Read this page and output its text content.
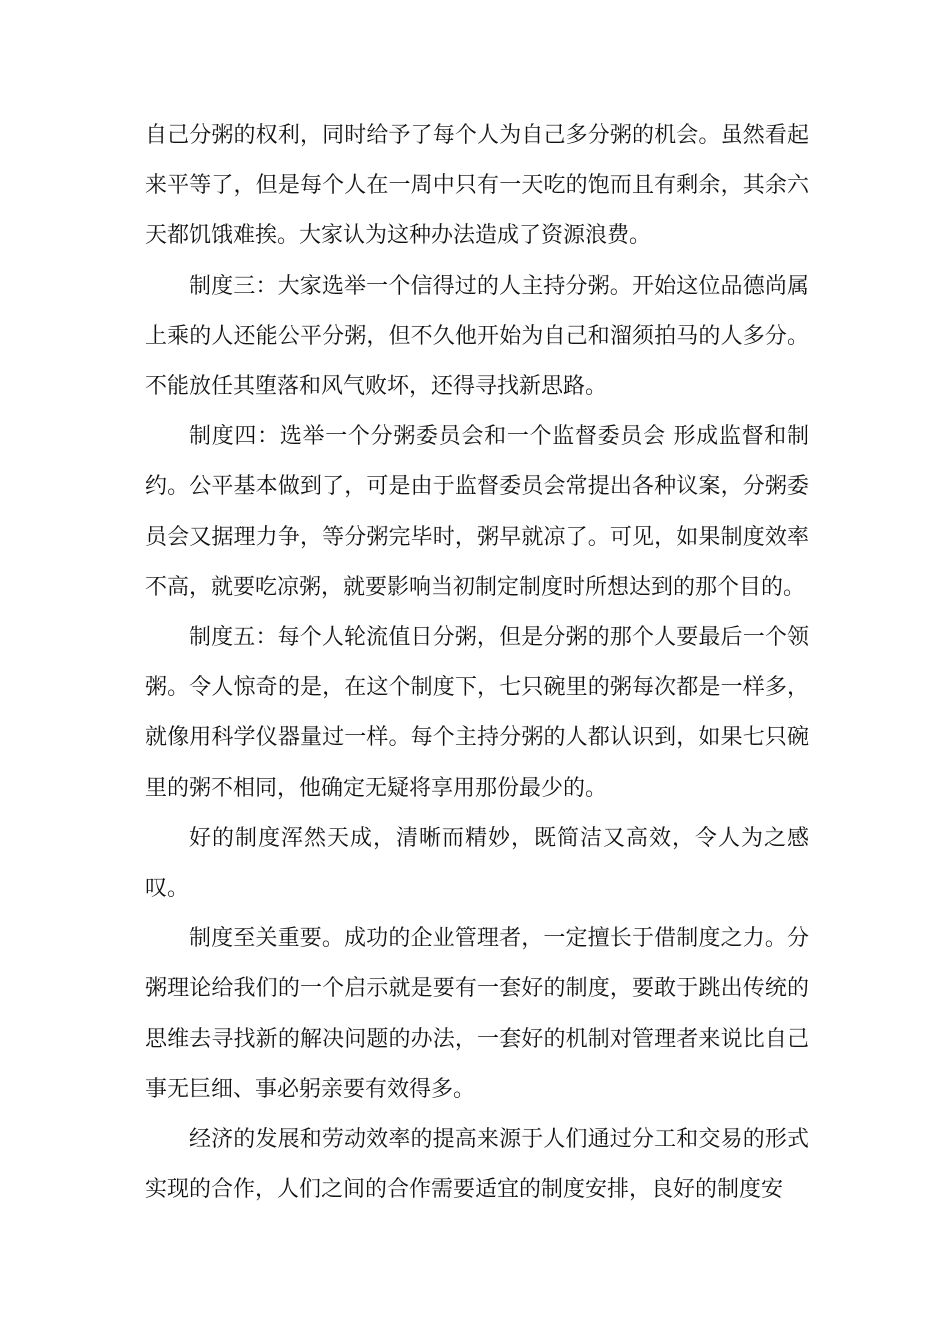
自己分粥的权利，同时给予了每个人为自己多分粥的机会。虽然看起来平等了，但是每个人在一周中只有一天吃的饱而且有剩余，其余六天都饥饿难挨。大家认为这种办法造成了资源浪费。

制度三：大家选举一个信得过的人主持分粥。开始这位品德尚属上乘的人还能公平分粥，但不久他开始为自己和溜须拍马的人多分。不能放任其堕落和风气败坏，还得寻找新思路。

制度四：选举一个分粥委员会和一个监督委员会 形成监督和制约。公平基本做到了，可是由于监督委员会常提出各种议案，分粥委员会又据理力争，等分粥完毕时，粥早就凉了。可见，如果制度效率不高，就要吃凉粥，就要影响当初制定制度时所想达到的那个目的。

制度五：每个人轮流值日分粥，但是分粥的那个人要最后一个领粥。令人惊奇的是，在这个制度下，七只碗里的粥每次都是一样多，就像用科学仪器量过一样。每个主持分粥的人都认识到，如果七只碗里的粥不相同，他确定无疑将享用那份最少的。

好的制度浑然天成，清晰而精妙，既简洁又高效，令人为之感叹。

制度至关重要。成功的企业管理者，一定擅长于借制度之力。分粥理论给我们的一个启示就是要有一套好的制度，要敢于跳出传统的思维去寻找新的解决问题的办法，一套好的机制对管理者来说比自己事无巨细、事必躬亲要有效得多。

经济的发展和劳动效率的提高来源于人们通过分工和交易的形式实现的合作，人们之间的合作需要适宜的制度安排，良好的制度安
